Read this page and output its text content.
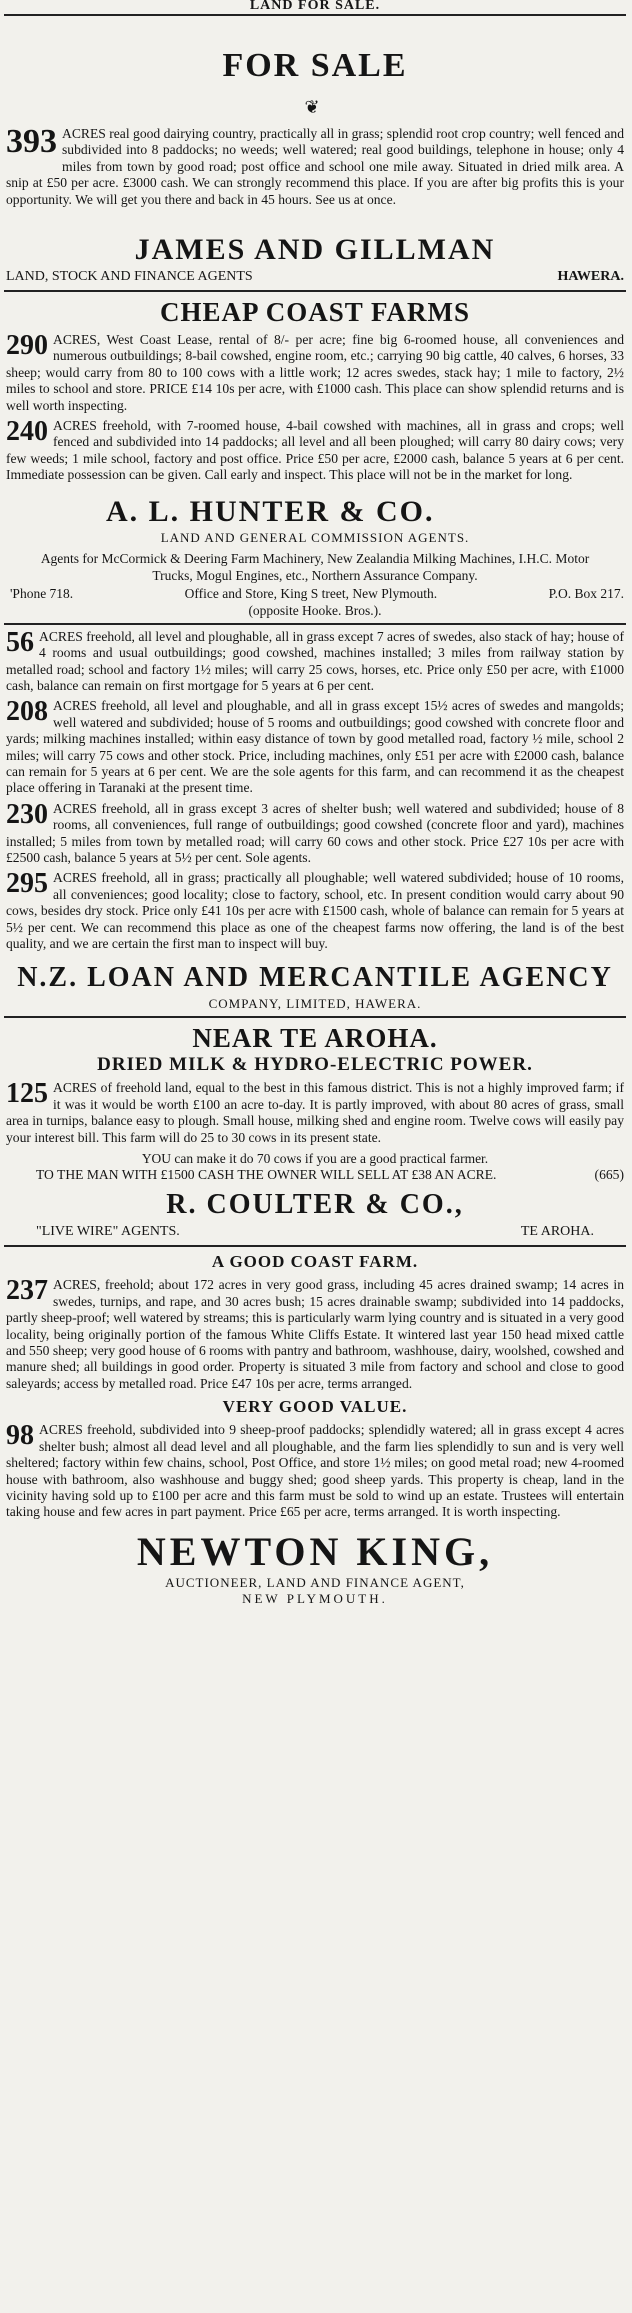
LAND FOR SALE.
FOR SALE
❦
393 ACRES real good dairying country, practically all in grass; splendid root crop country; well fenced and subdivided into 8 paddocks; no weeds; well watered; real good buildings, telephone in house; only 4 miles from town by good road; post office and school one mile away. Situated in dried milk area. A snip at £50 per acre. £3000 cash. We can strongly recommend this place. If you are after big profits this is your opportunity. We will get you there and back in 45 hours. See us at once.
JAMES AND GILLMAN
LAND, STOCK AND FINANCE AGENTS	HAWERA.
CHEAP COAST FARMS
290 ACRES, West Coast Lease, rental of 8/- per acre; fine big 6-roomed house, all conveniences and numerous outbuildings; 8-bail cowshed, engine room, etc.; carrying 90 big cattle, 40 calves, 6 horses, 33 sheep; would carry from 80 to 100 cows with a little work; 12 acres swedes, stack hay; 1 mile to factory, 2½ miles to school and store. PRICE £14 10s per acre, with £1000 cash. This place can show splendid returns and is well worth inspecting.
240 ACRES freehold, with 7-roomed house, 4-bail cowshed with machines, all in grass and crops; well fenced and subdivided into 14 paddocks; all level and all been ploughed; will carry 80 dairy cows; very few weeds; 1 mile school, factory and post office. Price £50 per acre, £2000 cash, balance 5 years at 6 per cent. Immediate possession can be given. Call early and inspect. This place will not be in the market for long.
A. L. HUNTER & CO.
LAND AND GENERAL COMMISSION AGENTS.
Agents for McCormick & Deering Farm Machinery, New Zealandia Milking Machines, I.H.C. Motor Trucks, Mogul Engines, etc., Northern Assurance Company.
'Phone 718.	Office and Store, King S treet, New Plymouth.	P.O. Box 217.
(opposite Hooke. Bros.).
56 ACRES freehold, all level and ploughable, all in grass except 7 acres of swedes, also stack of hay; house of 4 rooms and usual outbuildings; good cowshed, machines installed; 3 miles from railway station by metalled road; school and factory 1½ miles; will carry 25 cows, horses, etc. Price only £50 per acre, with £1000 cash, balance can remain on first mortgage for 5 years at 6 per cent.
208 ACRES freehold, all level and ploughable, and all in grass except 15½ acres of swedes and mangolds; well watered and subdivided; house of 5 rooms and outbuildings; good cowshed with concrete floor and yards; milking machines installed; within easy distance of town by good metalled road, factory ½ mile, school 2 miles; will carry 75 cows and other stock. Price, including machines, only £51 per acre with £2000 cash, balance can remain for 5 years at 6 per cent. We are the sole agents for this farm, and can recommend it as the cheapest place offering in Taranaki at the present time.
230 ACRES freehold, all in grass except 3 acres of shelter bush; well watered and subdivided; house of 8 rooms, all conveniences, full range of outbuildings; good cowshed (concrete floor and yard), machines installed; 5 miles from town by metalled road; will carry 60 cows and other stock. Price £27 10s per acre with £2500 cash, balance 5 years at 5½ per cent. Sole agents.
295 ACRES freehold, all in grass; practically all ploughable; well watered subdivided; house of 10 rooms, all conveniences; good locality; close to factory, school, etc. In present condition would carry about 90 cows, besides dry stock. Price only £41 10s per acre with £1500 cash, whole of balance can remain for 5 years at 5½ per cent. We can recommend this place as one of the cheapest farms now offering, the land is of the best quality, and we are certain the first man to inspect will buy.
N.Z. LOAN AND MERCANTILE AGENCY
COMPANY, LIMITED, HAWERA.
NEAR TE AROHA.
DRIED MILK & HYDRO-ELECTRIC POWER.
125 ACRES of freehold land, equal to the best in this famous district. This is not a highly improved farm; if it was it would be worth £100 an acre to-day. It is partly improved, with about 80 acres of grass, small area in turnips, balance easy to plough. Small house, milking shed and engine room. Twelve cows will easily pay your interest bill. This farm will do 25 to 30 cows in its present state.
YOU can make it do 70 cows if you are a good practical farmer.
TO THE MAN WITH £1500 CASH THE OWNER WILL SELL AT £38 AN ACRE.	(665)
R. COULTER & CO.,
"LIVE WIRE" AGENTS.	TE AROHA.
A GOOD COAST FARM.
237 ACRES, freehold; about 172 acres in very good grass, including 45 acres drained swamp; 14 acres in swedes, turnips, and rape, and 30 acres bush; 15 acres drainable swamp; subdivided into 14 paddocks, partly sheep-proof; well watered by streams; this is particularly warm lying country and is situated in a very good locality, being originally portion of the famous White Cliffs Estate. It wintered last year 150 head mixed cattle and 550 sheep; very good house of 6 rooms with pantry and bathroom, washhouse, dairy, woolshed, cowshed and manure shed; all buildings in good order. Property is situated 3 mile from factory and school and close to good saleyards; access by metalled road. Price £47 10s per acre, terms arranged.
VERY GOOD VALUE.
98 ACRES freehold, subdivided into 9 sheep-proof paddocks; splendidly watered; all in grass except 4 acres shelter bush; almost all dead level and all ploughable, and the farm lies splendidly to sun and is very well sheltered; factory within few chains, school, Post Office, and store 1½ miles; on good metal road; new 4-roomed house with bathroom, also washhouse and buggy shed; good sheep yards. This property is cheap, land in the vicinity having sold up to £100 per acre and this farm must be sold to wind up an estate. Trustees will entertain taking house and few acres in part payment. Price £65 per acre, terms arranged. It is worth inspecting.
NEWTON KING,
AUCTIONEER, LAND AND FINANCE AGENT,
NEW PLYMOUTH.
